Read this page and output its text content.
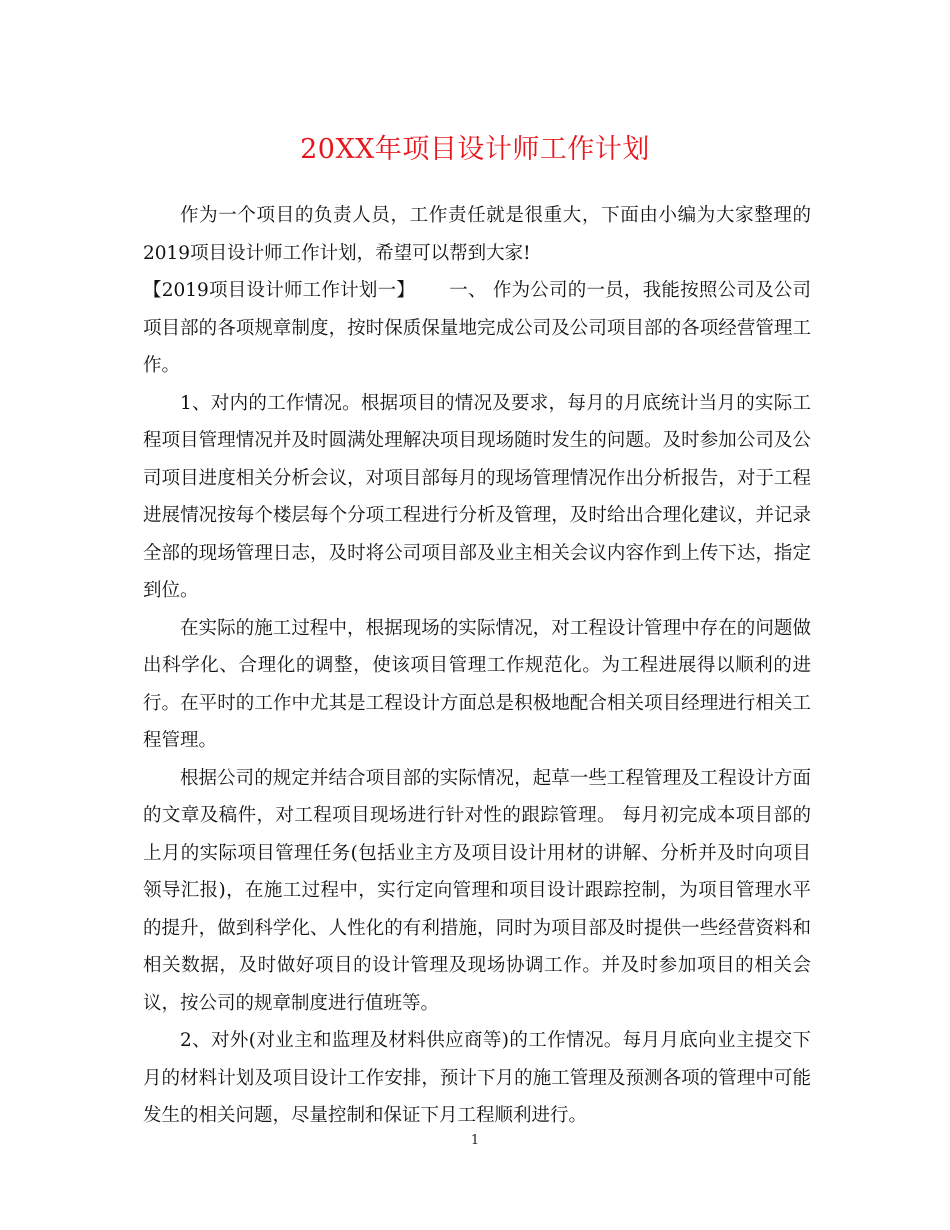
20XX年项目设计师工作计划

作为一个项目的负责人员，工作责任就是很重大，下面由小编为大家整理的2019项目设计师工作计划，希望可以帮到大家!

【2019项目设计师工作计划一】 一、 作为公司的一员，我能按照公司及公司项目部的各项规章制度，按时保质保量地完成公司及公司项目部的各项经营管理工作。

1、对内的工作情况。根据项目的情况及要求，每月的月底统计当月的实际工程项目管理情况并及时圆满处理解决项目现场随时发生的问题。及时参加公司及公司项目进度相关分析会议，对项目部每月的现场管理情况作出分析报告，对于工程进展情况按每个楼层每个分项工程进行分析及管理，及时给出合理化建议，并记录全部的现场管理日志，及时将公司项目部及业主相关会议内容作到上传下达，指定到位。

在实际的施工过程中，根据现场的实际情况，对工程设计管理中存在的问题做出科学化、合理化的调整，使该项目管理工作规范化。为工程进展得以顺利的进行。在平时的工作中尤其是工程设计方面总是积极地配合相关项目经理进行相关工程管理。

根据公司的规定并结合项目部的实际情况，起草一些工程管理及工程设计方面的文章及稿件，对工程项目现场进行针对性的跟踪管理。 每月初完成本项目部的上月的实际项目管理任务(包括业主方及项目设计用材的讲解、分析并及时向项目领导汇报)，在施工过程中，实行定向管理和项目设计跟踪控制，为项目管理水平的提升，做到科学化、人性化的有利措施，同时为项目部及时提供一些经营资料和相关数据，及时做好项目的设计管理及现场协调工作。并及时参加项目的相关会议，按公司的规章制度进行值班等。

2、对外(对业主和监理及材料供应商等)的工作情况。每月月底向业主提交下月的材料计划及项目设计工作安排，预计下月的施工管理及预测各项的管理中可能发生的相关问题，尽量控制和保证下月工程顺利进行。

1
